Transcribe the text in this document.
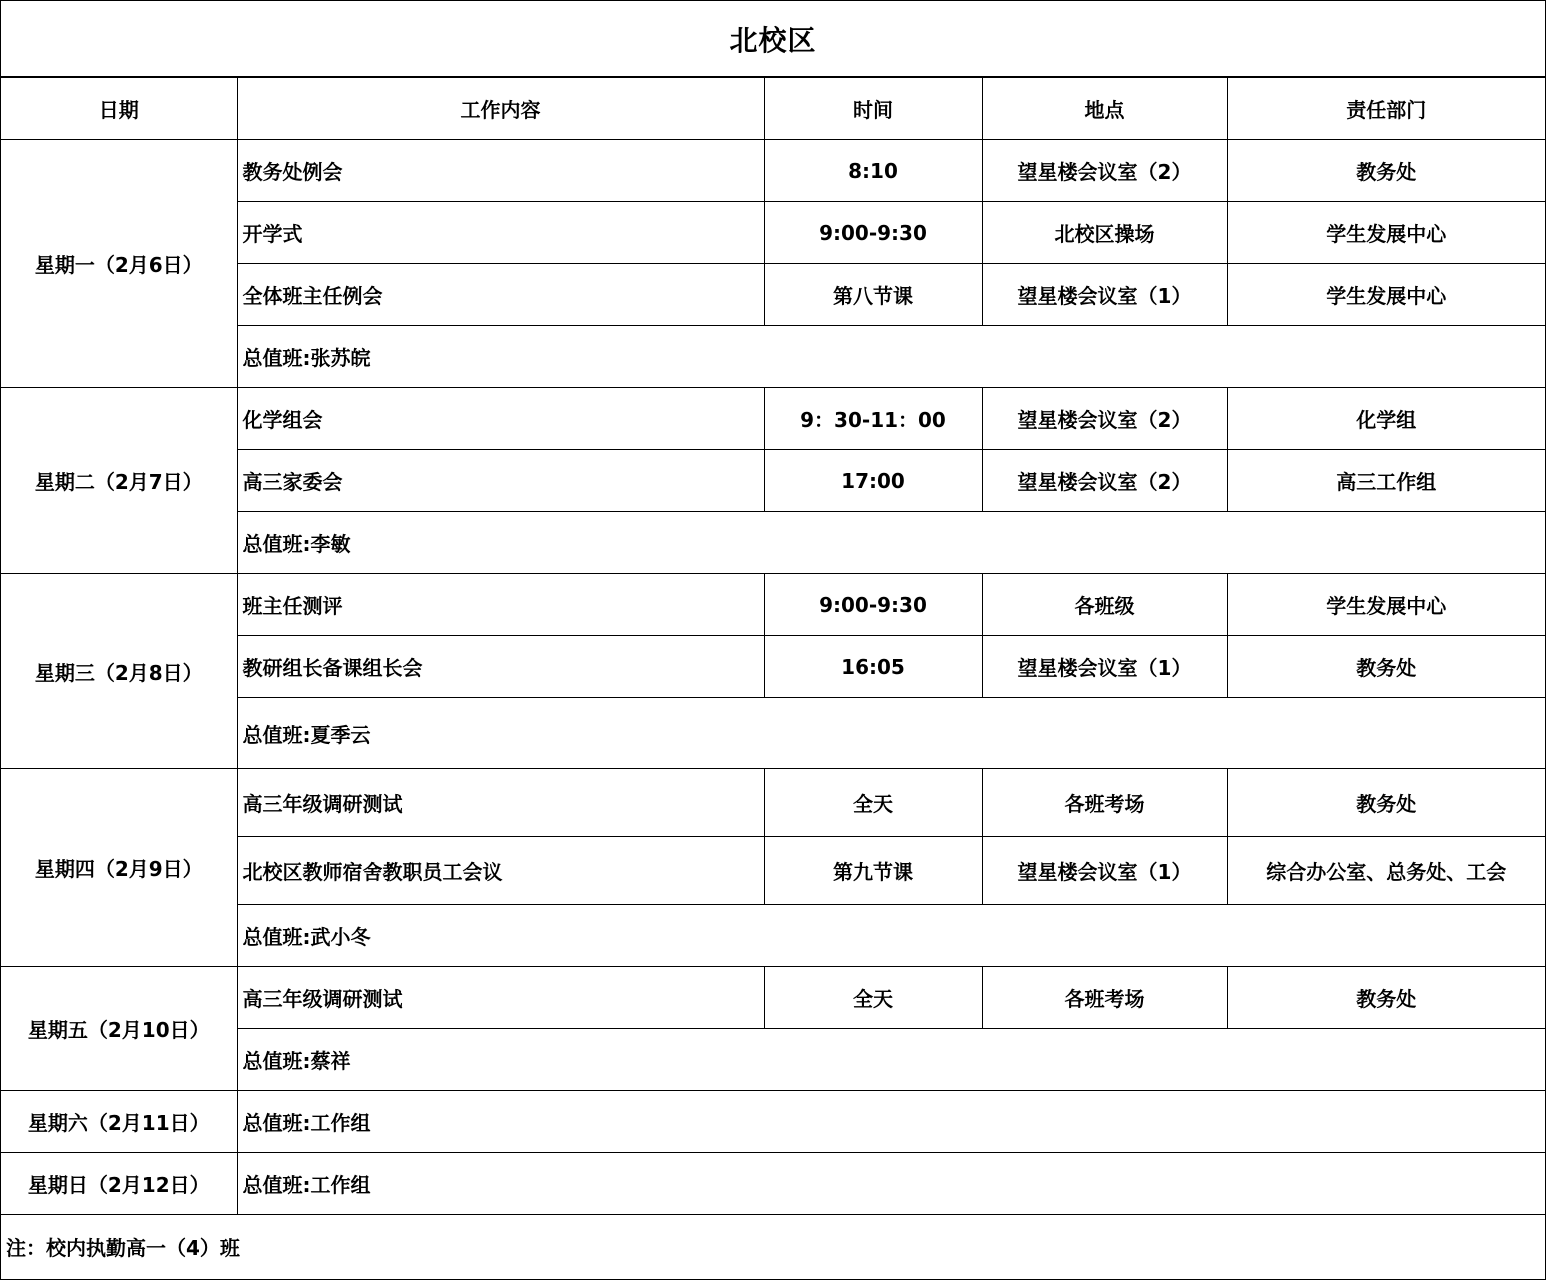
北校区
日期	工作内容	时间	地点	责任部门
星期一（2月6日）	教务处例会	8:10	望星楼会议室（2）	教务处
	开学式	9:00-9:30	北校区操场	学生发展中心
	全体班主任例会	第八节课	望星楼会议室（1）	学生发展中心
	总值班:张苏皖			
星期二（2月7日）	化学组会	9：30-11：00	望星楼会议室（2）	化学组
	高三家委会	17:00	望星楼会议室（2）	高三工作组
	总值班:李敏			
星期三（2月8日）	班主任测评	9:00-9:30	各班级	学生发展中心
	教研组长备课组长会	16:05	望星楼会议室（1）	教务处
	总值班:夏季云			
星期四（2月9日）	高三年级调研测试	全天	各班考场	教务处
	北校区教师宿舍教职员工会议	第九节课	望星楼会议室（1）	综合办公室、总务处、工会
	总值班:武小冬			
星期五（2月10日）	高三年级调研测试	全天	各班考场	教务处
	总值班:蔡祥			
星期六（2月11日）	总值班:工作组			
星期日（2月12日）	总值班:工作组			
注：校内执勤高一（4）班				
